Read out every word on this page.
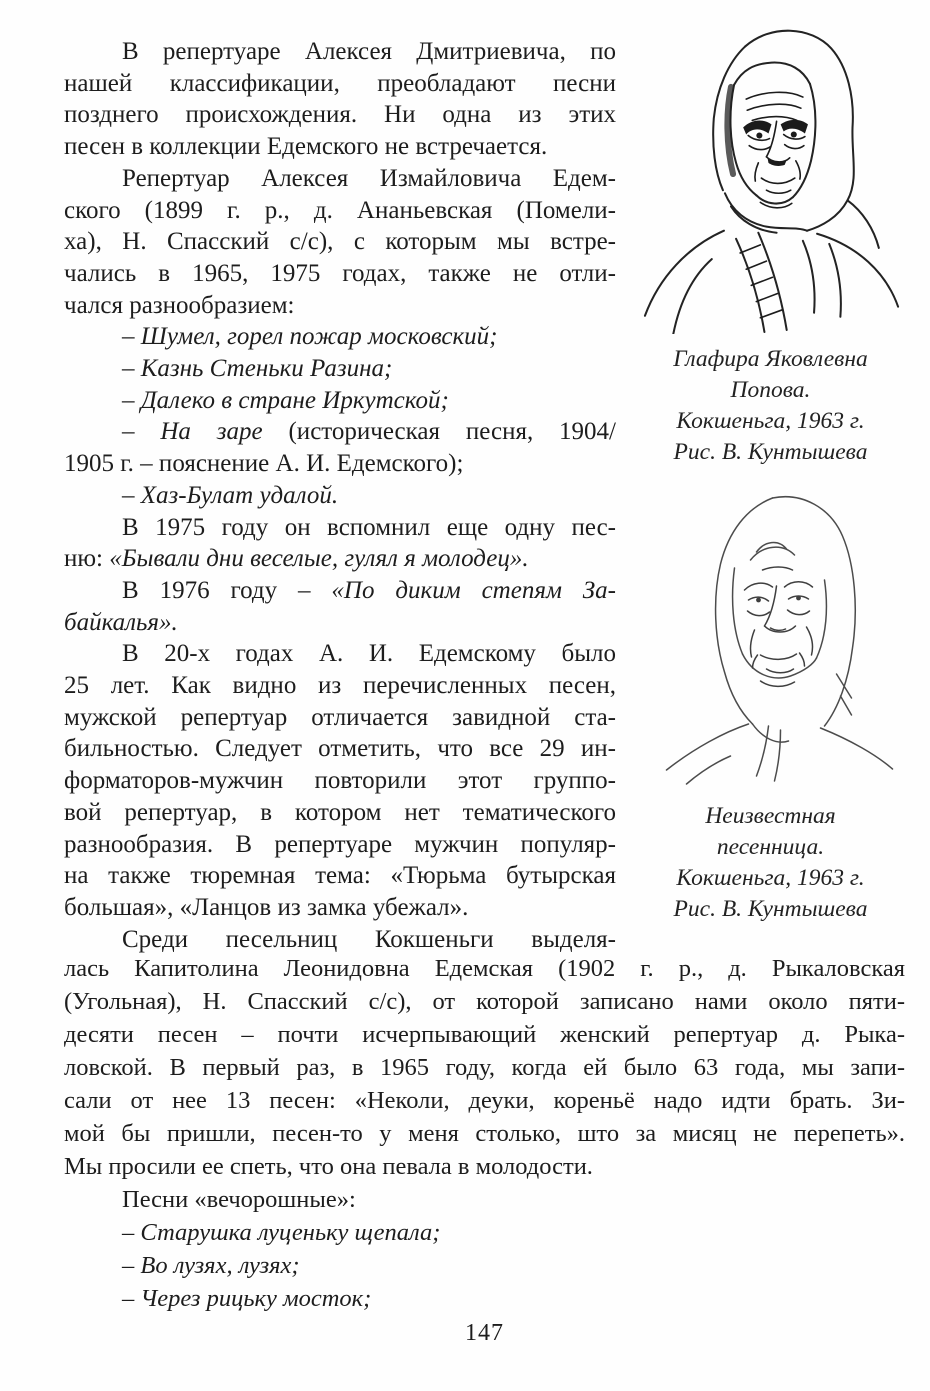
В репертуаре Алексея Дмитриевича, по
нашей классификации, преобладают песни
позднего происхождения. Ни одна из этих
песен в коллекции Едемского не встречается.
Репертуар Алексея Измайловича Едем-
ского (1899 г. р., д. Ананьевская (Помели-
ха), Н. Спасский с/с), с которым мы встре-
чались в 1965, 1975 годах, также не отли-
чался разнообразием:
– Шумел, горел пожар московский;
– Казнь Стеньки Разина;
– Далеко в стране Иркутской;
– На заре (историческая песня, 1904/
1905 г. – пояснение А. И. Едемского);
– Хаз-Булат удалой.
В 1975 году он вспомнил еще одну пес-
ню: «Бывали дни веселые, гулял я молодец».
В 1976 году – «По диким степям За-
байкалья».
В 20-х годах А. И. Едемскому было
25 лет. Как видно из перечисленных песен,
мужской репертуар отличается завидной ста-
бильностью. Следует отметить, что все 29 ин-
форматоров-мужчин повторили этот группо-
вой репертуар, в котором нет тематического
разнообразия. В репертуаре мужчин популяр-
на также тюремная тема: «Тюрьма бутырская
большая», «Ланцов из замка убежал».
Среди песельниц Кокшеньги выделя-
лась Капитолина Леонидовна Едемская (1902 г. р., д. Рыкаловская
(Угольная), Н. Спасский с/с), от которой записано нами около пяти-
десяти песен – почти исчерпывающий женский репертуар д. Рыка-
ловской. В первый раз, в 1965 году, когда ей было 63 года, мы запи-
сали от нее 13 песен: «Неколи, деуки, кореньё надо идти брать. Зи-
мой бы пришли, песен-то у меня столько, што за мисяц не перепеть».
Мы просили ее спеть, что она певала в молодости.
Песни «вечорошные»:
– Старушка луценьку щепала;
– Во лузях, лузях;
– Через рицьку мосток;
Глафира Яковлевна
Попова.
Кокшеньга, 1963 г.
Рис. В. Кунтышева
Неизвестная
песенница.
Кокшеньга, 1963 г.
Рис. В. Кунтышева
147
